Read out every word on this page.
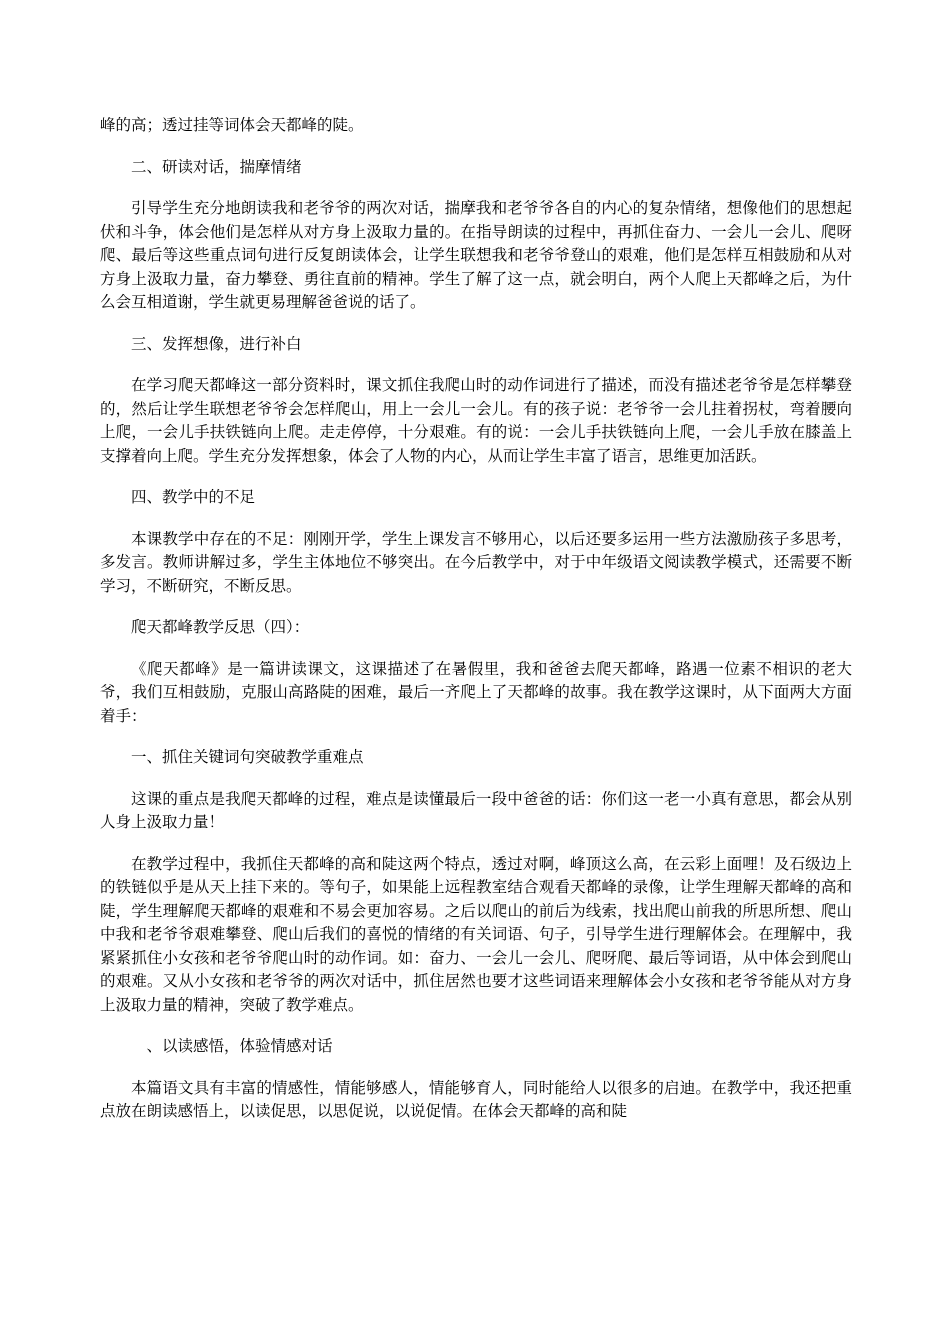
峰的高；透过挂等词体会天都峰的陡。

二、研读对话，揣摩情绪

引导学生充分地朗读我和老爷爷的两次对话，揣摩我和老爷爷各自的内心的复杂情绪，想像他们的思想起伏和斗争，体会他们是怎样从对方身上汲取力量的。在指导朗读的过程中，再抓住奋力、一会儿一会儿、爬呀爬、最后等这些重点词句进行反复朗读体会，让学生联想我和老爷爷登山的艰难，他们是怎样互相鼓励和从对方身上汲取力量，奋力攀登、勇往直前的精神。学生了解了这一点，就会明白，两个人爬上天都峰之后，为什么会互相道谢，学生就更易理解爸爸说的话了。

三、发挥想像，进行补白

在学习爬天都峰这一部分资料时，课文抓住我爬山时的动作词进行了描述，而没有描述老爷爷是怎样攀登的，然后让学生联想老爷爷会怎样爬山，用上一会儿一会儿。有的孩子说：老爷爷一会儿拄着拐杖，弯着腰向上爬，一会儿手扶铁链向上爬。走走停停，十分艰难。有的说：一会儿手扶铁链向上爬，一会儿手放在膝盖上支撑着向上爬。学生充分发挥想象，体会了人物的内心，从而让学生丰富了语言，思维更加活跃。

四、教学中的不足

本课教学中存在的不足：刚刚开学，学生上课发言不够用心，以后还要多运用一些方法激励孩子多思考，多发言。教师讲解过多，学生主体地位不够突出。在今后教学中，对于中年级语文阅读教学模式，还需要不断学习，不断研究，不断反思。

爬天都峰教学反思（四）：

《爬天都峰》是一篇讲读课文，这课描述了在暑假里，我和爸爸去爬天都峰，路遇一位素不相识的老大爷，我们互相鼓励，克服山高路陡的困难，最后一齐爬上了天都峰的故事。我在教学这课时，从下面两大方面着手：

一、抓住关键词句突破教学重难点

这课的重点是我爬天都峰的过程，难点是读懂最后一段中爸爸的话：你们这一老一小真有意思，都会从别人身上汲取力量！

在教学过程中，我抓住天都峰的高和陡这两个特点，透过对啊，峰顶这么高，在云彩上面哩！及石级边上的铁链似乎是从天上挂下来的。等句子，如果能上远程教室结合观看天都峰的录像，让学生理解天都峰的高和陡，学生理解爬天都峰的艰难和不易会更加容易。之后以爬山的前后为线索，找出爬山前我的所思所想、爬山中我和老爷爷艰难攀登、爬山后我们的喜悦的情绪的有关词语、句子，引导学生进行理解体会。在理解中，我紧紧抓住小女孩和老爷爷爬山时的动作词。如：奋力、一会儿一会儿、爬呀爬、最后等词语，从中体会到爬山的艰难。又从小女孩和老爷爷的两次对话中，抓住居然也要才这些词语来理解体会小女孩和老爷爷能从对方身上汲取力量的精神，突破了教学难点。

、以读感悟，体验情感对话

本篇语文具有丰富的情感性，情能够感人，情能够育人，同时能给人以很多的启迪。在教学中，我还把重点放在朗读感悟上，以读促思，以思促说，以说促情。在体会天都峰的高和陡
